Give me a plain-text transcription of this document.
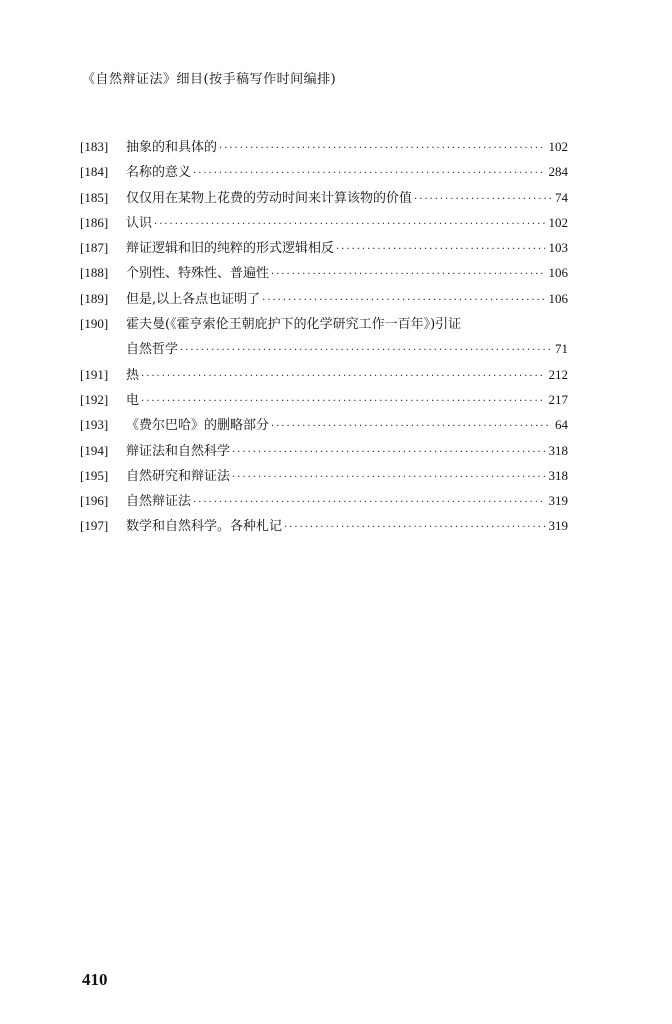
《自然辩证法》细目(按手稿写作时间编排)
[183]	抽象的和具体的 ·····	102
[184]	名称的意义 ·····	284
[185]	仅仅用在某物上花费的劳动时间来计算该物的价值 ·····	74
[186]	认识 ·····	102
[187]	辩证逻辑和旧的纯粹的形式逻辑相反 ·····	103
[188]	个别性、特殊性、普遍性 ·····	106
[189]	但是,以上各点也证明了 ·····	106
[190]	霍夫曼(《霍亨索伦王朝庇护下的化学研究工作一百年》)引证
自然哲学 ·····	71
[191]	热 ·····	212
[192]	电 ·····	217
[193]	《费尔巴哈》的删略部分 ·····	64
[194]	辩证法和自然科学 ·····	318
[195]	自然研究和辩证法 ·····	318
[196]	自然辩证法 ·····	319
[197]	数学和自然科学。各种札记 ·····	319
410
